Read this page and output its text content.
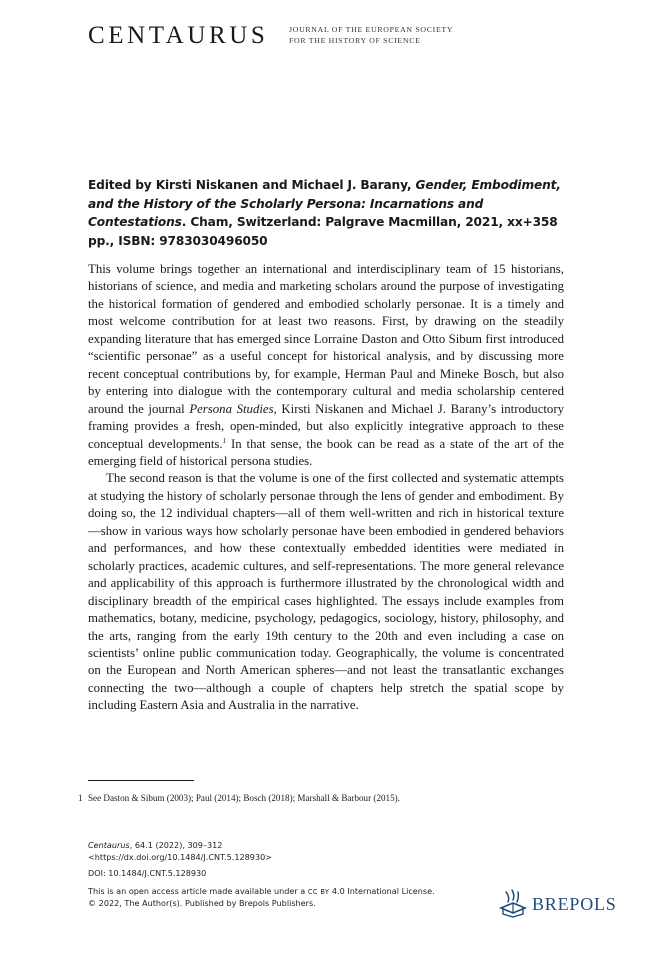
CENTAURUS	JOURNAL OF THE EUROPEAN SOCIETY
FOR THE HISTORY OF SCIENCE
Edited by Kirsti Niskanen and Michael J. Barany, Gender, Embodiment, and the History of the Scholarly Persona: Incarnations and Contestations. Cham, Switzerland: Palgrave Macmillan, 2021, xx+358 pp., ISBN: 9783030496050

This volume brings together an international and interdisciplinary team of 15 historians, historians of science, and media and marketing scholars around the purpose of investigating the historical formation of gendered and embodied scholarly personae. It is a timely and most welcome contribution for at least two reasons. First, by drawing on the steadily expanding literature that has emerged since Lorraine Daston and Otto Sibum first introduced “scientific personae” as a useful concept for historical analysis, and by discussing more recent conceptual contributions by, for example, Herman Paul and Mineke Bosch, but also by entering into dialogue with the contemporary cultural and media scholarship centered around the journal Persona Studies, Kirsti Niskanen and Michael J. Barany’s introductory framing provides a fresh, open-minded, but also explicitly integrative approach to these conceptual developments.$^1$ In that sense, the book can be read as a state of the art of the emerging field of historical persona studies.

The second reason is that the volume is one of the first collected and systematic attempts at studying the history of scholarly personae through the lens of gender and embodiment. By doing so, the 12 individual chapters—all of them well-written and rich in historical texture—show in various ways how scholarly personae have been embodied in gendered behaviors and performances, and how these contextually embedded identities were mediated in scholarly practices, academic cultures, and self-representations. The more general relevance and applicability of this approach is furthermore illustrated by the chronological width and disciplinary breadth of the empirical cases highlighted. The essays include examples from mathematics, botany, medicine, psychology, pedagogics, sociology, history, philosophy, and the arts, ranging from the early 19th century to the 20th and even including a case on scientists’ online public communication today. Geographically, the volume is concentrated on the European and North American spheres—and not least the transatlantic exchanges connecting the two—although a couple of chapters help stretch the spatial scope by including Eastern Asia and Australia in the narrative.

1 See Daston & Sibum (2003); Paul (2014); Bosch (2018); Marshall & Barbour (2015).
Centaurus, 64.1 (2022), 309–312
<https://dx.doi.org/10.1484/J.CNT.5.128930>
DOI: 10.1484/J.CNT.5.128930
This is an open access article made available under a CC BY 4.0 International License.
© 2022, The Author(s). Published by Brepols Publishers.	BREPOLS
